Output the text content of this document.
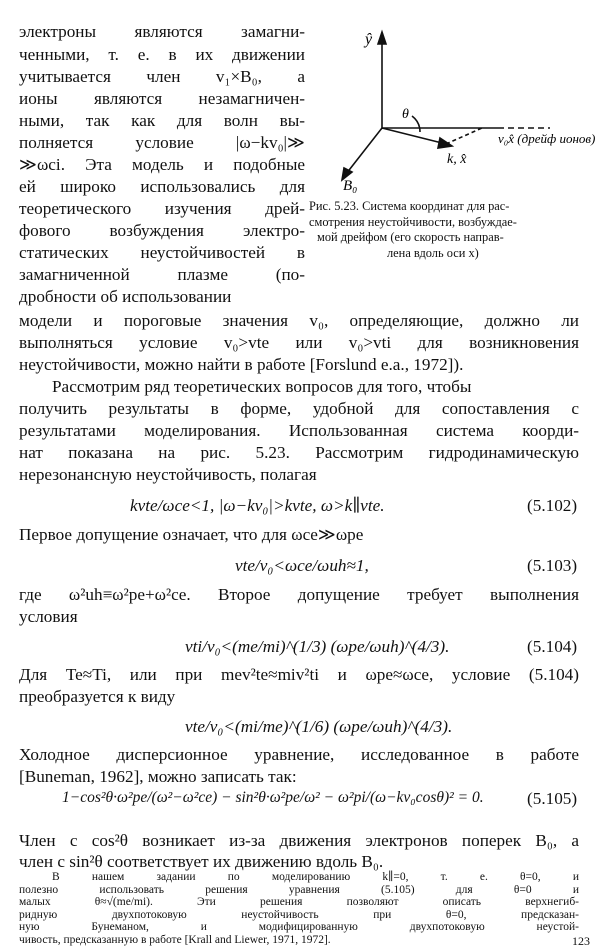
электроны являются замагни-
ченными, т. е. в их движении
учитывается член v₁×B₀, а
ионы являются незамагничен-
ными, так как для волн вы-
полняется условие |ω−kv₀|≫
≫ωci. Эта модель и подобные
ей широко использовались для
теоретического изучения дрей-
фового возбуждения электро-
статических неустойчивостей в
замагниченной плазме (по-
дробности об использовании
ŷ
θ
k, x̂
v₀x̂ (дрейф ионов)
B₀
Рис. 5.23. Система координат для рас-
смотрения неустойчивости, возбуждае-
мой дрейфом (его скорость направ-
лена вдоль оси x)
модели и пороговые значения v₀, определяющие, должно ли
выполняться условие v₀>vte или v₀>vti для возникновения
неустойчивости, можно найти в работе [Forslund e.a., 1972]).
Рассмотрим ряд теоретических вопросов для того, чтобы
получить результаты в форме, удобной для сопоставления с
результатами моделирования. Использованная система коорди-
нат показана на рис. 5.23. Рассмотрим гидродинамическую
нерезонансную неустойчивость, полагая
kvte/ωce<1, |ω−kv₀|>kvte, ω>k∥vte.	(5.102)
Первое допущение означает, что для ωce≫ωpe
vte/v₀<ωce/ωuh≈1,	(5.103)
где ω²uh≡ω²pe+ω²ce. Второе допущение требует выполнения
условия
vti/v₀<(me/mi)^(1/3) (ωpe/ωuh)^(4/3).	(5.104)
Для Te≈Ti, или при mev²te≈miv²ti и ωpe≈ωce, условие (5.104)
преобразуется к виду
vte/v₀<(mi/me)^(1/6) (ωpe/ωuh)^(4/3).
Холодное дисперсионное уравнение, исследованное в работе
[Buneman, 1962], можно записать так:
1−cos²θ·ω²pe/(ω²−ω²ce) − sin²θ·ω²pe/ω² − ω²pi/(ω−kv₀cosθ)² = 0.	(5.105)
Член с cos²θ возникает из-за движения электронов поперек B₀, а
член с sin²θ соответствует их движению вдоль B₀.
В нашем задании по моделированию k∥=0, т. е. θ=0, и
полезно использовать решения уравнения (5.105) для θ=0 и
малых θ≈√(me/mi). Эти решения позволяют описать верхнегиб-
ридную двухпотоковую неустойчивость при θ=0, предсказан-
ную Бунеманом, и модифицированную двухпотоковую неустой-
чивость, предсказанную в работе [Krall and Liewer, 1971, 1972].	123
